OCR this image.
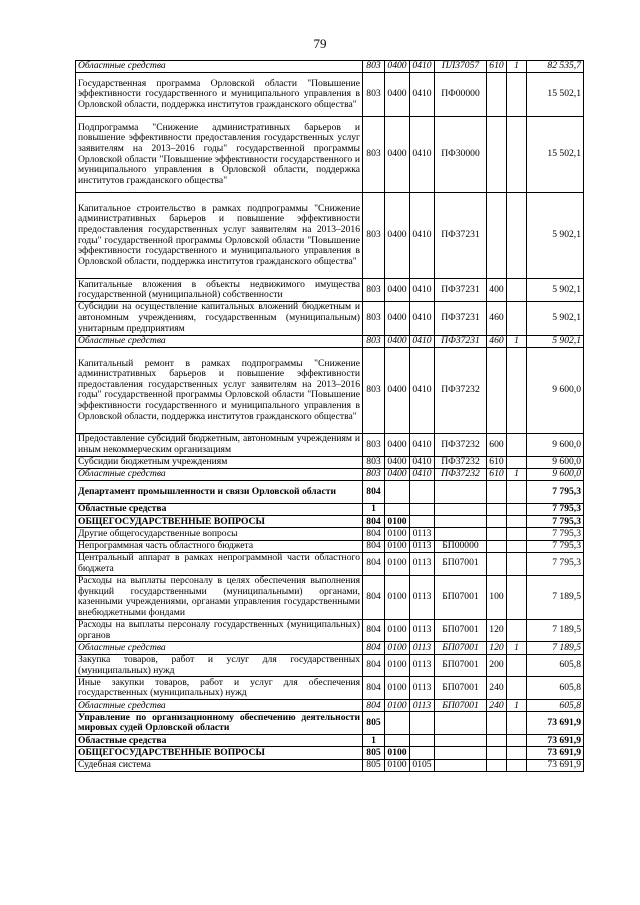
79
Областные средства	803	0400	0410	ПЛ37057	610	1	82 535,7
Государственная программа Орловской области "Повышение эффективности государственного и муниципального управления в Орловской области, поддержка институтов гражданского общества"	803	0400	0410	ПФ00000			15 502,1
Подпрограмма "Снижение административных барьеров и повышение эффективности предоставления государственных услуг заявителям на 2013–2016 годы" государственной программы Орловской области "Повышение эффективности государственного и муниципального управления в Орловской области, поддержка институтов гражданского общества"	803	0400	0410	ПФ30000			15 502,1
Капитальное строительство в рамках подпрограммы "Снижение административных барьеров и повышение эффективности предоставления государственных услуг заявителям на 2013–2016 годы" государственной программы Орловской области "Повышение эффективности государственного и муниципального управления в Орловской области, поддержка институтов гражданского общества"	803	0400	0410	ПФ37231			5 902,1
Капитальные вложения в объекты недвижимого имущества государственной (муниципальной) собственности	803	0400	0410	ПФ37231	400		5 902,1
Субсидии на осуществление капитальных вложений бюджетным и автономным учреждениям, государственным (муниципальным) унитарным предприятиям	803	0400	0410	ПФ37231	460		5 902,1
Областные средства	803	0400	0410	ПФ37231	460	1	5 902,1
Капитальный ремонт в рамках подпрограммы "Снижение административных барьеров и повышение эффективности предоставления государственных услуг заявителям на 2013–2016 годы" государственной программы Орловской области "Повышение эффективности государственного и муниципального управления в Орловской области, поддержка институтов гражданского общества"	803	0400	0410	ПФ37232			9 600,0
Предоставление субсидий бюджетным, автономным учреждениям и иным некоммерческим организациям	803	0400	0410	ПФ37232	600		9 600,0
Субсидии бюджетным учреждениям	803	0400	0410	ПФ37232	610		9 600,0
Областные средства	803	0400	0410	ПФ37232	610	1	9 600,0
Департамент промышленности и связи Орловской области	804						7 795,3
Областные средства	1						7 795,3
ОБЩЕГОСУДАРСТВЕННЫЕ ВОПРОСЫ	804	0100					7 795,3
Другие общегосударственные вопросы	804	0100	0113				7 795,3
Непрограммная часть областного бюджета	804	0100	0113	БП00000			7 795,3
Центральный аппарат в рамках непрограммной части областного бюджета	804	0100	0113	БП07001			7 795,3
Расходы на выплаты персоналу в целях обеспечения выполнения функций государственными (муниципальными) органами, казенными учреждениями, органами управления государственными внебюджетными фондами	804	0100	0113	БП07001	100		7 189,5
Расходы на выплаты персоналу государственных (муниципальных) органов	804	0100	0113	БП07001	120		7 189,5
Областные средства	804	0100	0113	БП07001	120	1	7 189,5
Закупка товаров, работ и услуг для государственных (муниципальных) нужд	804	0100	0113	БП07001	200		605,8
Иные закупки товаров, работ и услуг для обеспечения государственных (муниципальных) нужд	804	0100	0113	БП07001	240		605,8
Областные средства	804	0100	0113	БП07001	240	1	605,8
Управление по организационному обеспечению деятельности мировых судей Орловской области	805						73 691,9
Областные средства	1						73 691,9
ОБЩЕГОСУДАРСТВЕННЫЕ ВОПРОСЫ	805	0100					73 691,9
Судебная система	805	0100	0105				73 691,9
